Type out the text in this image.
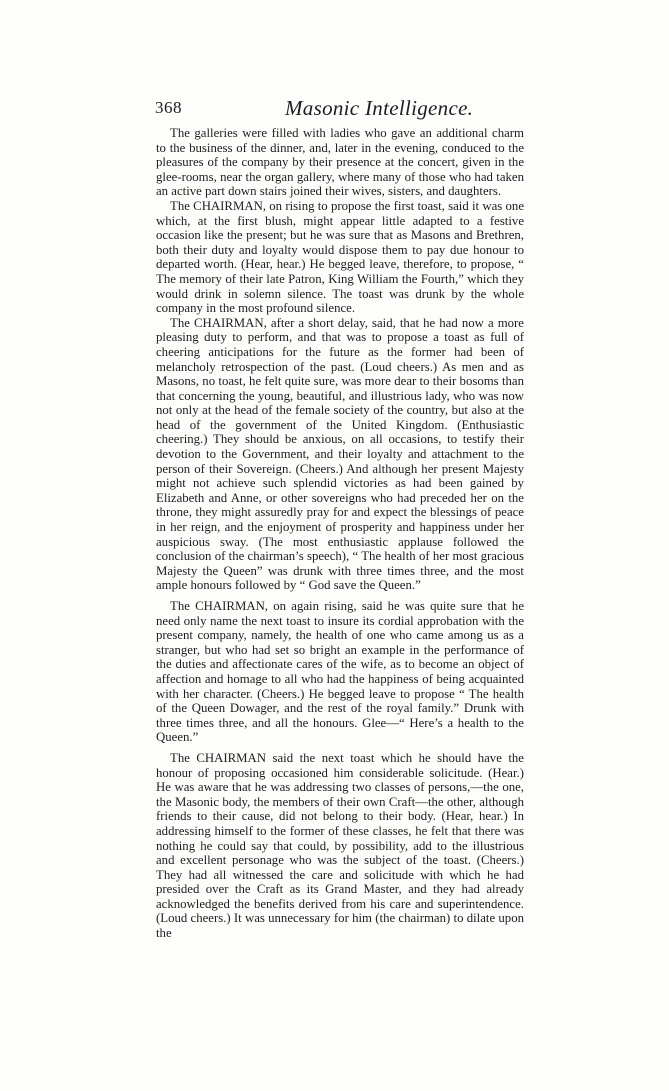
368	Masonic Intelligence.

The galleries were filled with ladies who gave an additional charm to the business of the dinner, and, later in the evening, conduced to the pleasures of the company by their presence at the concert, given in the glee-rooms, near the organ gallery, where many of those who had taken an active part down stairs joined their wives, sisters, and daughters.

The CHAIRMAN, on rising to propose the first toast, said it was one which, at the first blush, might appear little adapted to a festive occasion like the present; but he was sure that as Masons and Brethren, both their duty and loyalty would dispose them to pay due honour to departed worth. (Hear, hear.) He begged leave, therefore, to propose, “ The memory of their late Patron, King William the Fourth,” which they would drink in solemn silence. The toast was drunk by the whole company in the most profound silence.

The CHAIRMAN, after a short delay, said, that he had now a more pleasing duty to perform, and that was to propose a toast as full of cheering anticipations for the future as the former had been of melancholy retrospection of the past. (Loud cheers.) As men and as Masons, no toast, he felt quite sure, was more dear to their bosoms than that concerning the young, beautiful, and illustrious lady, who was now not only at the head of the female society of the country, but also at the head of the government of the United Kingdom. (Enthusiastic cheering.) They should be anxious, on all occasions, to testify their devotion to the Government, and their loyalty and attachment to the person of their Sovereign. (Cheers.) And although her present Majesty might not achieve such splendid victories as had been gained by Elizabeth and Anne, or other sovereigns who had preceded her on the throne, they might assuredly pray for and expect the blessings of peace in her reign, and the enjoyment of prosperity and happiness under her auspicious sway. (The most enthusiastic applause followed the conclusion of the chairman’s speech), “ The health of her most gracious Majesty the Queen” was drunk with three times three, and the most ample honours followed by “ God save the Queen.”

The CHAIRMAN, on again rising, said he was quite sure that he need only name the next toast to insure its cordial approbation with the present company, namely, the health of one who came among us as a stranger, but who had set so bright an example in the performance of the duties and affectionate cares of the wife, as to become an object of affection and homage to all who had the happiness of being acquainted with her character. (Cheers.) He begged leave to propose “ The health of the Queen Dowager, and the rest of the royal family.” Drunk with three times three, and all the honours. Glee—“ Here’s a health to the Queen.”

The CHAIRMAN said the next toast which he should have the honour of proposing occasioned him considerable solicitude. (Hear.) He was aware that he was addressing two classes of persons,—the one, the Masonic body, the members of their own Craft—the other, although friends to their cause, did not belong to their body. (Hear, hear.) In addressing himself to the former of these classes, he felt that there was nothing he could say that could, by possibility, add to the illustrious and excellent personage who was the subject of the toast. (Cheers.) They had all witnessed the care and solicitude with which he had presided over the Craft as its Grand Master, and they had already acknowledged the benefits derived from his care and superintendence. (Loud cheers.) It was unnecessary for him (the chairman) to dilate upon the
